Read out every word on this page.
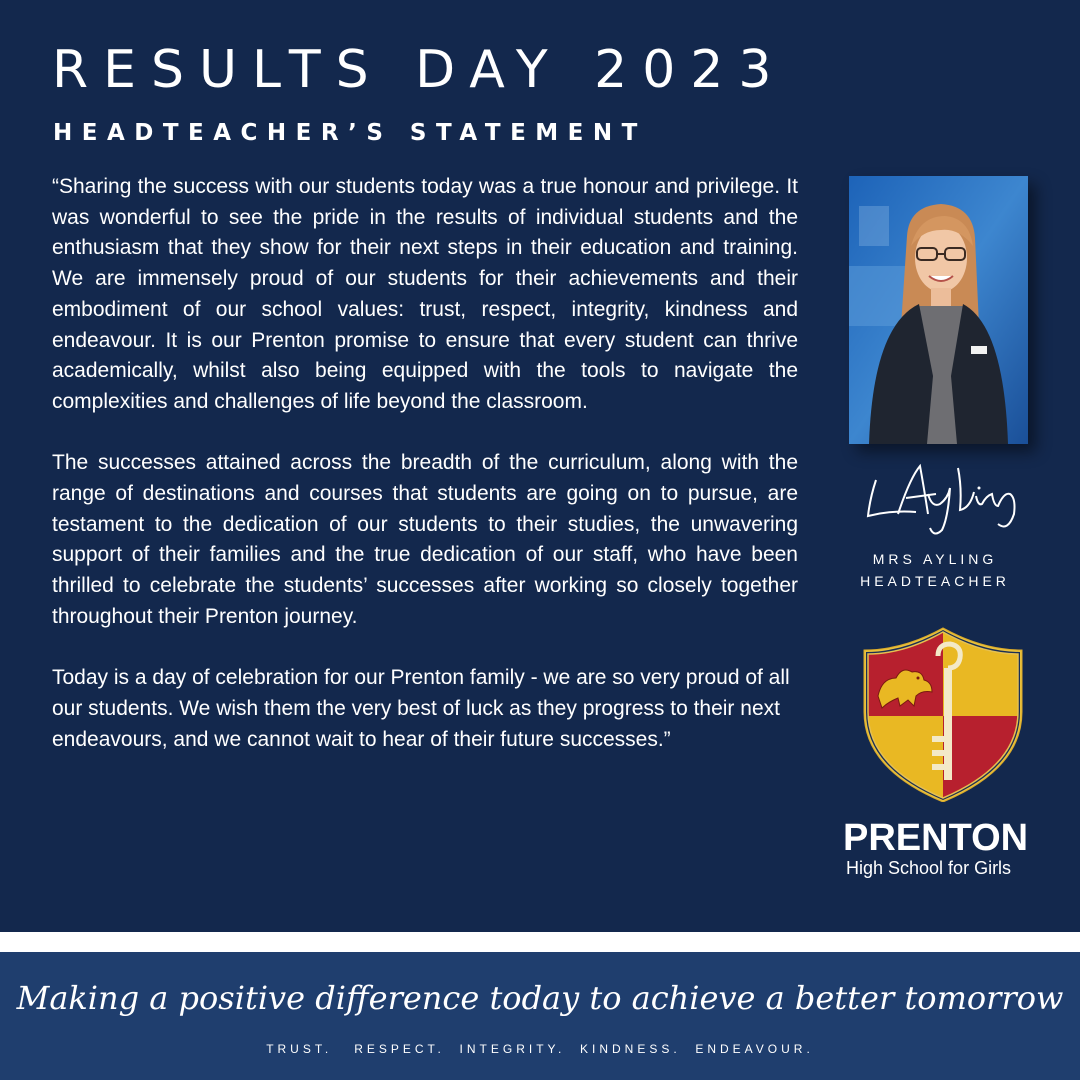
RESULTS DAY 2023
HEADTEACHER’S STATEMENT

“Sharing the success with our students today was a true honour and privilege. It was wonderful to see the pride in the results of individual students and the enthusiasm that they show for their next steps in their education and training. We are immensely proud of our students for their achievements and their embodiment of our school values: trust, respect, integrity, kindness and endeavour. It is our Prenton promise to ensure that every student can thrive academically, whilst also being equipped with the tools to navigate the complexities and challenges of life beyond the classroom.

The successes attained across the breadth of the curriculum, along with the range of destinations and courses that students are going on to pursue, are testament to the dedication of our students to their studies, the unwavering support of their families and the true dedication of our staff, who have been thrilled to celebrate the students’ successes after working so closely together throughout their Prenton journey.

Today is a day of celebration for our Prenton family - we are so very proud of all our students. We wish them the very best of luck as they progress to their next endeavours, and we cannot wait to hear of their future successes.”

MRS AYLING
HEADTEACHER
PRENTON
High School for Girls
Making a positive difference today to achieve a better tomorrow
TRUST.   RESPECT.  INTEGRITY.  KINDNESS.  ENDEAVOUR.
